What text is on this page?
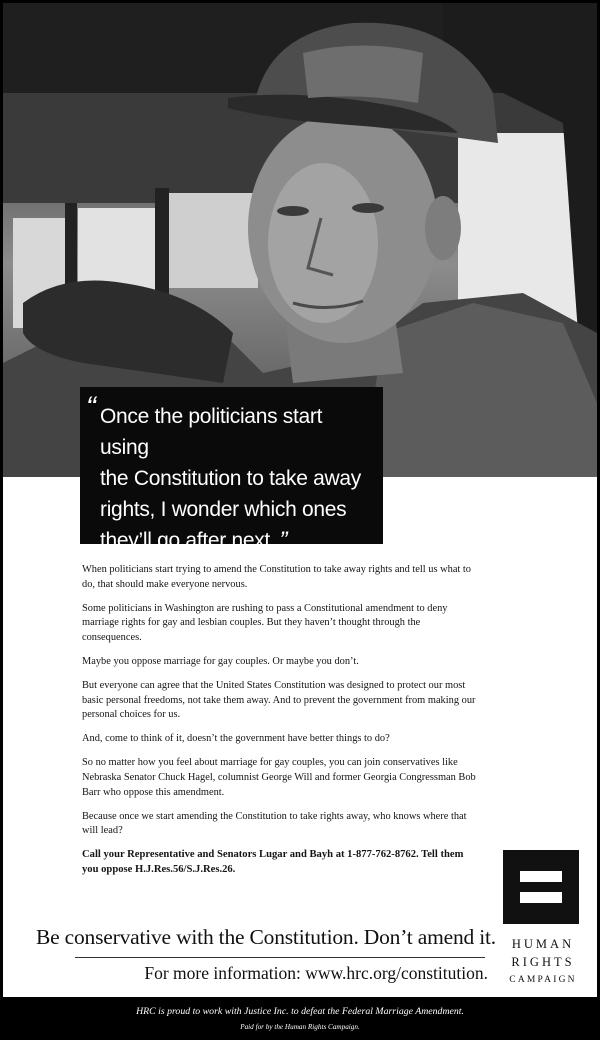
“ Once the politicians start using
the Constitution to take away
rights, I wonder which ones
they’ll go after next. ”

When politicians start trying to amend the Constitution to take away rights and tell us what to do, that should make everyone nervous.

Some politicians in Washington are rushing to pass a Constitutional amendment to deny marriage rights for gay and lesbian couples. But they haven’t thought through the consequences.

Maybe you oppose marriage for gay couples. Or maybe you don’t.

But everyone can agree that the United States Constitution was designed to protect our most basic personal freedoms, not take them away. And to prevent the government from making our personal choices for us.

And, come to think of it, doesn’t the government have better things to do?

So no matter how you feel about marriage for gay couples, you can join conservatives like Nebraska Senator Chuck Hagel, columnist George Will and former Georgia Congressman Bob Barr who oppose this amendment.

Because once we start amending the Constitution to take rights away, who knows where that will lead?

Call your Representative and Senators Lugar and Bayh at 1-877-762-8762. Tell them you oppose H.J.Res.56/S.J.Res.26.

HUMAN
RIGHTS
CAMPAIGN
Be conservative with the Constitution. Don’t amend it.
For more information: www.hrc.org/constitution.
HRC is proud to work with Justice Inc. to defeat the Federal Marriage Amendment.
Paid for by the Human Rights Campaign.
